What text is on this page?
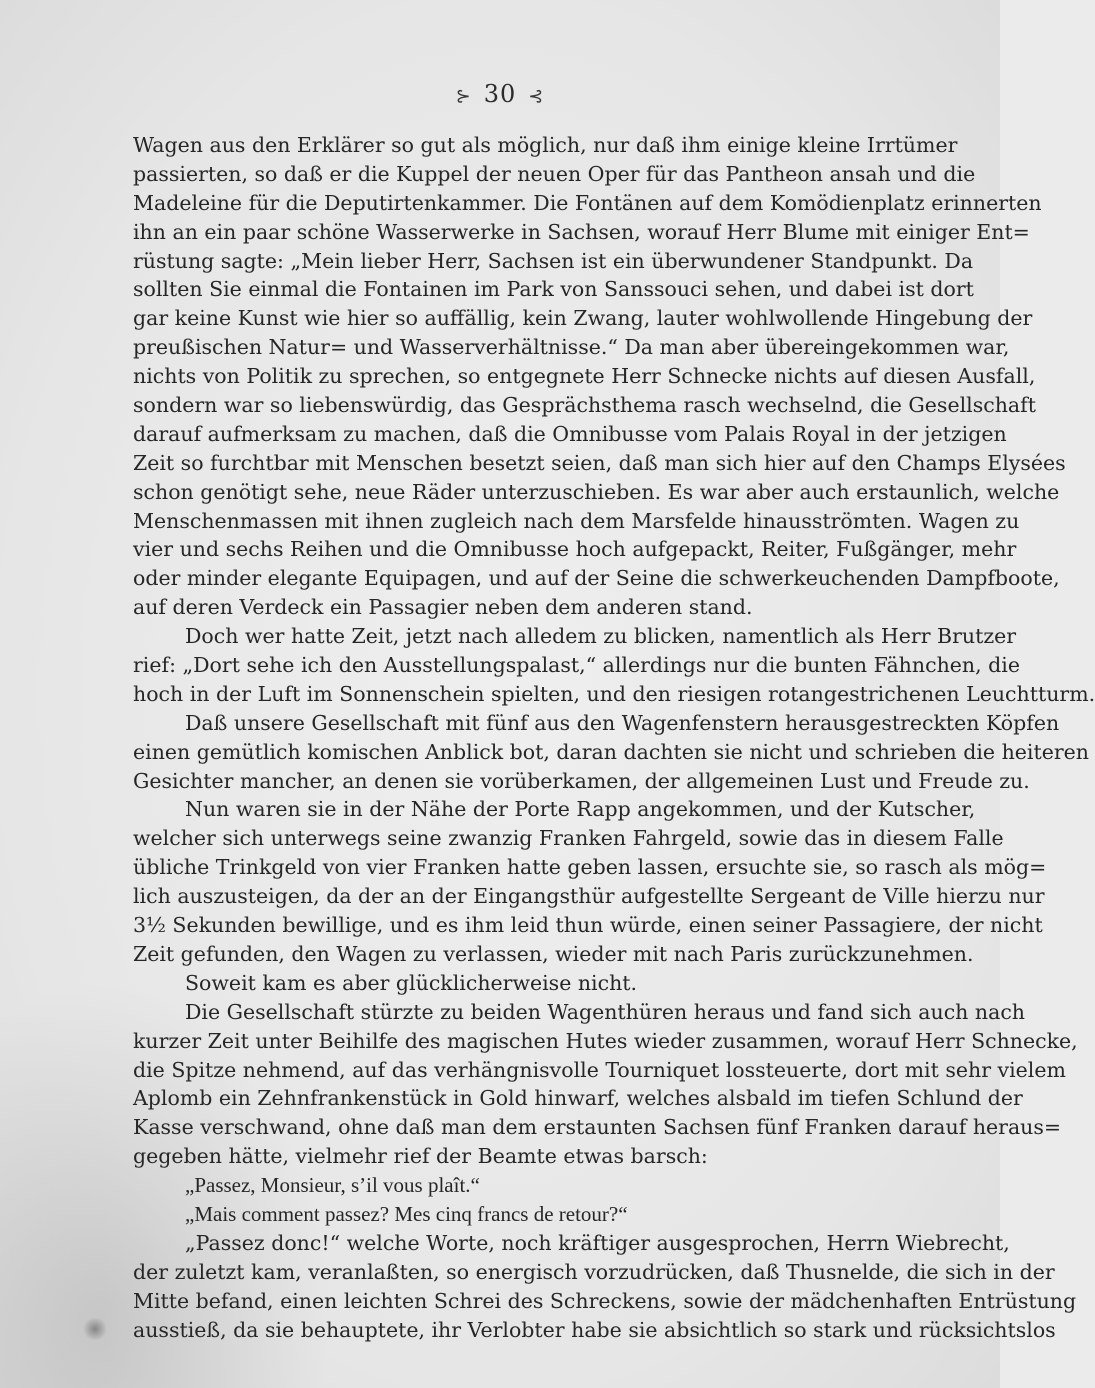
⊱ 30 ⊰
Wagen aus den Erklärer so gut als möglich, nur daß ihm einige kleine Irrtümer
passierten, so daß er die Kuppel der neuen Oper für das Pantheon ansah und die
Madeleine für die Deputirtenkammer. Die Fontänen auf dem Komödienplatz erinnerten
ihn an ein paar schöne Wasserwerke in Sachsen, worauf Herr Blume mit einiger Ent=
rüstung sagte: „Mein lieber Herr, Sachsen ist ein überwundener Standpunkt. Da
sollten Sie einmal die Fontainen im Park von Sanssouci sehen, und dabei ist dort
gar keine Kunst wie hier so auffällig, kein Zwang, lauter wohlwollende Hingebung der
preußischen Natur= und Wasserverhältnisse.“ Da man aber übereingekommen war,
nichts von Politik zu sprechen, so entgegnete Herr Schnecke nichts auf diesen Ausfall,
sondern war so liebenswürdig, das Gesprächsthema rasch wechselnd, die Gesellschaft
darauf aufmerksam zu machen, daß die Omnibusse vom Palais Royal in der jetzigen
Zeit so furchtbar mit Menschen besetzt seien, daß man sich hier auf den Champs Elysées
schon genötigt sehe, neue Räder unterzuschieben. Es war aber auch erstaunlich, welche
Menschenmassen mit ihnen zugleich nach dem Marsfelde hinausströmten. Wagen zu
vier und sechs Reihen und die Omnibusse hoch aufgepackt, Reiter, Fußgänger, mehr
oder minder elegante Equipagen, und auf der Seine die schwerkeuchenden Dampfboote,
auf deren Verdeck ein Passagier neben dem anderen stand.
Doch wer hatte Zeit, jetzt nach alledem zu blicken, namentlich als Herr Brutzer
rief: „Dort sehe ich den Ausstellungspalast,“ allerdings nur die bunten Fähnchen, die
hoch in der Luft im Sonnenschein spielten, und den riesigen rotangestrichenen Leuchtturm.
Daß unsere Gesellschaft mit fünf aus den Wagenfenstern herausgestreckten Köpfen
einen gemütlich komischen Anblick bot, daran dachten sie nicht und schrieben die heiteren
Gesichter mancher, an denen sie vorüberkamen, der allgemeinen Lust und Freude zu.
Nun waren sie in der Nähe der Porte Rapp angekommen, und der Kutscher,
welcher sich unterwegs seine zwanzig Franken Fahrgeld, sowie das in diesem Falle
übliche Trinkgeld von vier Franken hatte geben lassen, ersuchte sie, so rasch als mög=
lich auszusteigen, da der an der Eingangsthür aufgestellte Sergeant de Ville hierzu nur
3½ Sekunden bewillige, und es ihm leid thun würde, einen seiner Passagiere, der nicht
Zeit gefunden, den Wagen zu verlassen, wieder mit nach Paris zurückzunehmen.
Soweit kam es aber glücklicherweise nicht.
Die Gesellschaft stürzte zu beiden Wagenthüren heraus und fand sich auch nach
kurzer Zeit unter Beihilfe des magischen Hutes wieder zusammen, worauf Herr Schnecke,
die Spitze nehmend, auf das verhängnisvolle Tourniquet lossteuerte, dort mit sehr vielem
Aplomb ein Zehnfrankenstück in Gold hinwarf, welches alsbald im tiefen Schlund der
Kasse verschwand, ohne daß man dem erstaunten Sachsen fünf Franken darauf heraus=
gegeben hätte, vielmehr rief der Beamte etwas barsch:
„Passez, Monsieur, s’il vous plaît.“
„Mais comment passez? Mes cinq francs de retour?“
„Passez donc!“ welche Worte, noch kräftiger ausgesprochen, Herrn Wiebrecht,
der zuletzt kam, veranlaßten, so energisch vorzudrücken, daß Thusnelde, die sich in der
Mitte befand, einen leichten Schrei des Schreckens, sowie der mädchenhaften Entrüstung
ausstieß, da sie behauptete, ihr Verlobter habe sie absichtlich so stark und rücksichtslos
